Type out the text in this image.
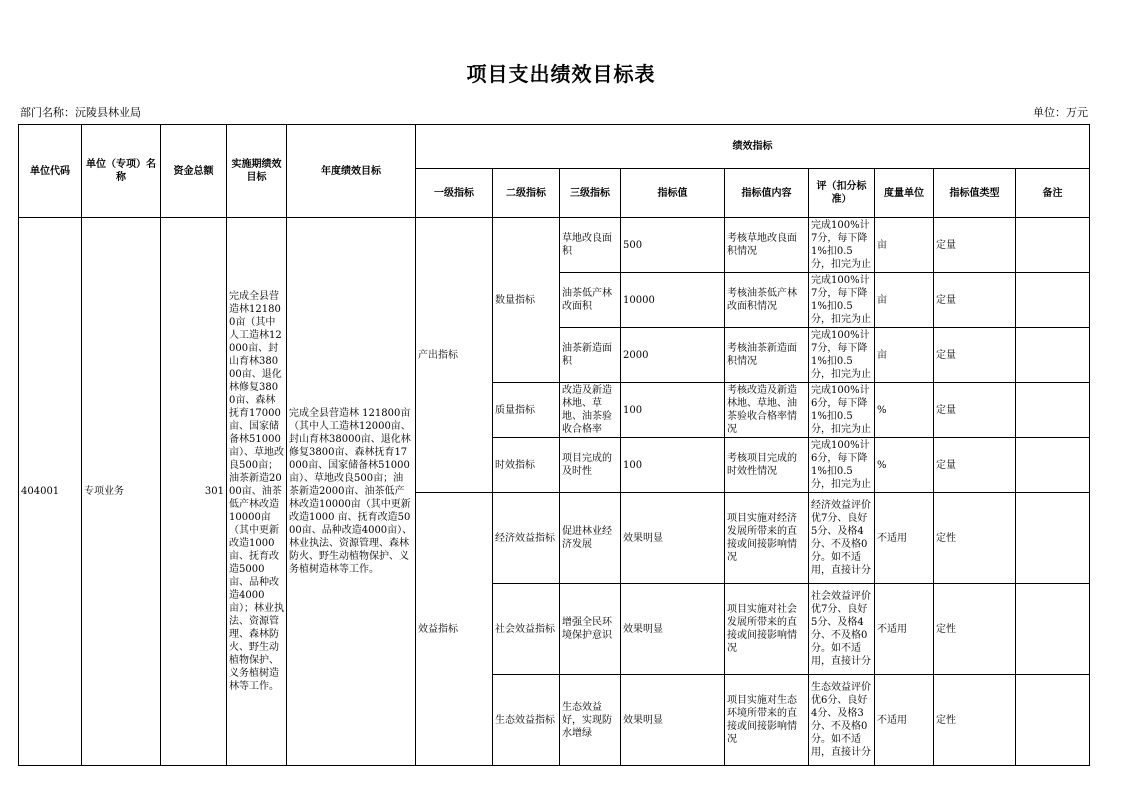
项目支出绩效目标表
部门名称：沅陵县林业局	单位：万元
单位代码	单位（专项）名称	资金总额	实施期绩效目标	年度绩效目标	绩效指标								
					一级指标	二级指标	三级指标	指标值	指标值内容	评（扣分标准）	度量单位	指标值类型	备注
404001	专项业务	301	完成全县营造林121800亩（其中人工造林12000亩、封山育林38000亩、退化林修复3800亩、森林抚育17000亩、国家储备林51000亩）、草地改良500亩；油茶新造2000亩、油茶低产林改造10000亩（其中更新改造1000亩、抚育改造5000亩、品种改造4000亩）；林业执法、资源管理、森林防火、野生动植物保护、义务植树造林等工作。	完成全县营造林 121800亩（其中人工造林12000亩、封山育林38000亩、退化林修复3800亩、森林抚育17000亩、国家储备林51000亩）、草地改良500亩；油茶新造2000亩、油茶低产林改造10000亩（其中更新改造1000 亩、抚育改造5000亩、品种改造4000亩）、林业执法、资源管理、森林防火、野生动植物保护、义务植树造林等工作。	产出指标	数量指标	草地改良面积	500	考核草地改良面积情况	完成100%计7分，每下降1%扣0.5分，扣完为止	亩	定量	
							油茶低产林改面积	10000	考核油茶低产林改面积情况	完成100%计7分，每下降1%扣0.5分，扣完为止	亩	定量	
							油茶新造面积	2000	考核油茶新造面积情况	完成100%计7分，每下降1%扣0.5分，扣完为止	亩	定量	
						质量指标	改造及新造林地、草地、油茶验收合格率	100	考核改造及新造林地、草地、油茶验收合格率情况	完成100%计6分，每下降1%扣0.5分，扣完为止	%	定量	
						时效指标	项目完成的及时性	100	考核项目完成的时效性情况	完成100%计6分，每下降1%扣0.5分，扣完为止	%	定量	
					效益指标	经济效益指标	促进林业经济发展	效果明显	项目实施对经济发展所带来的直接或间接影响情况	经济效益评价优7分、良好5分、及格4分、不及格0分。如不适用，直接计分	不适用	定性	
						社会效益指标	增强全民环境保护意识	效果明显	项目实施对社会发展所带来的直接或间接影响情况	社会效益评价优7分、良好5分、及格4分、不及格0分。如不适用，直接计分	不适用	定性	
						生态效益指标	生态效益好，实现防水增绿	效果明显	项目实施对生态环境所带来的直接或间接影响情况	生态效益评价优6分、良好4分、及格3分、不及格0分。如不适用，直接计分	不适用	定性	
